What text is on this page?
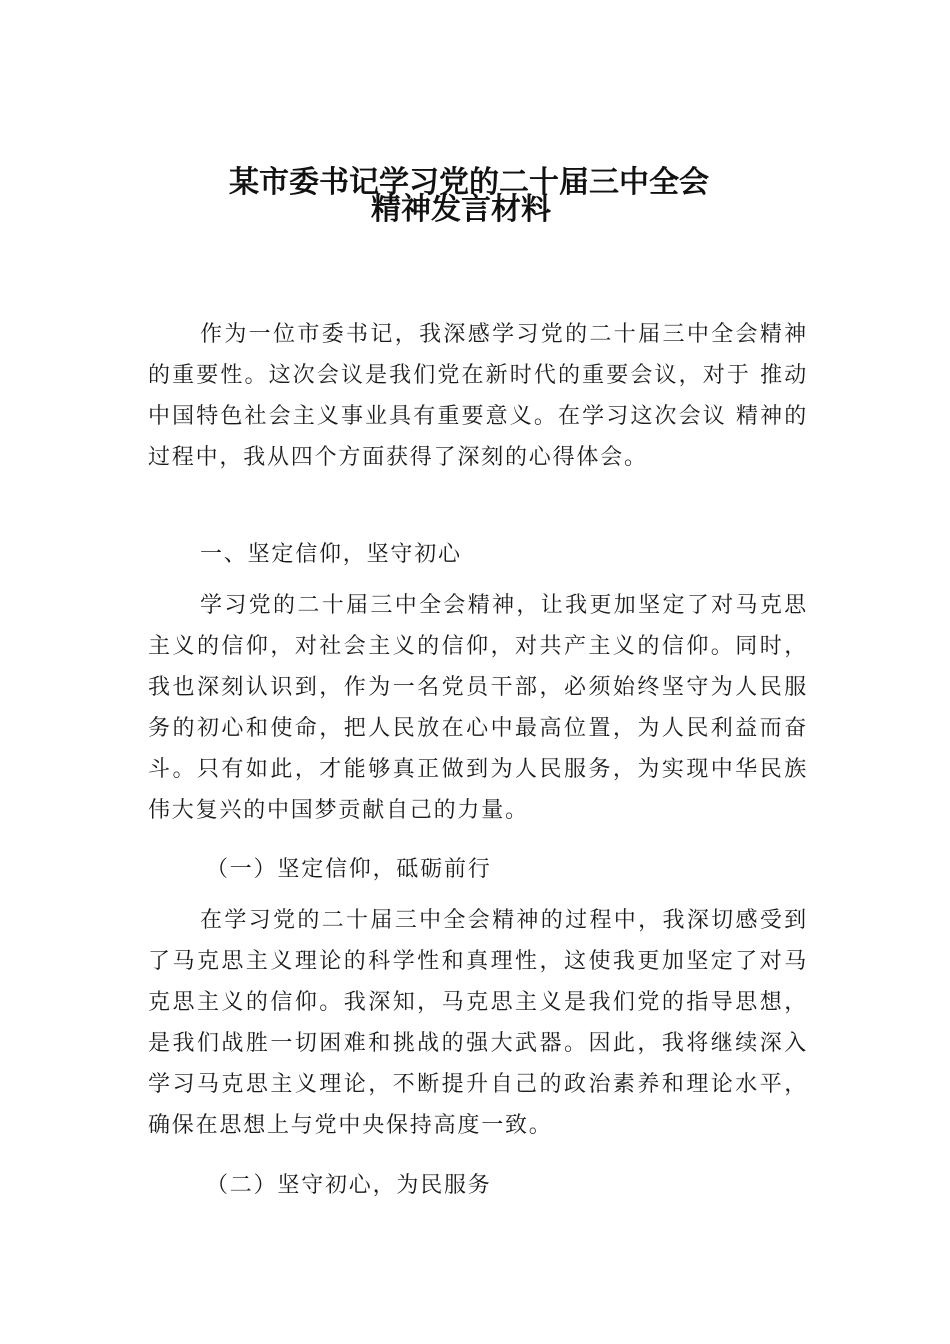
某市委书记学习党的二十届三中全会
精神发言材料

作为一位市委书记，我深感学习党的二十届三中全会精神的重要性。这次会议是我们党在新时代的重要会议，对于 推动中国特色社会主义事业具有重要意义。在学习这次会议 精神的过程中，我从四个方面获得了深刻的心得体会。

一、坚定信仰，坚守初心

学习党的二十届三中全会精神，让我更加坚定了对马克思主义的信仰，对社会主义的信仰，对共产主义的信仰。同时，我也深刻认识到，作为一名党员干部，必须始终坚守为人民服务的初心和使命，把人民放在心中最高位置，为人民利益而奋斗。只有如此，才能够真正做到为人民服务，为实现中华民族伟大复兴的中国梦贡献自己的力量。

（一）坚定信仰，砥砺前行

在学习党的二十届三中全会精神的过程中，我深切感受到了马克思主义理论的科学性和真理性，这使我更加坚定了对马克思主义的信仰。我深知，马克思主义是我们党的指导思想，是我们战胜一切困难和挑战的强大武器。因此，我将继续深入学习马克思主义理论，不断提升自己的政治素养和理论水平，确保在思想上与党中央保持高度一致。

（二）坚守初心，为民服务
